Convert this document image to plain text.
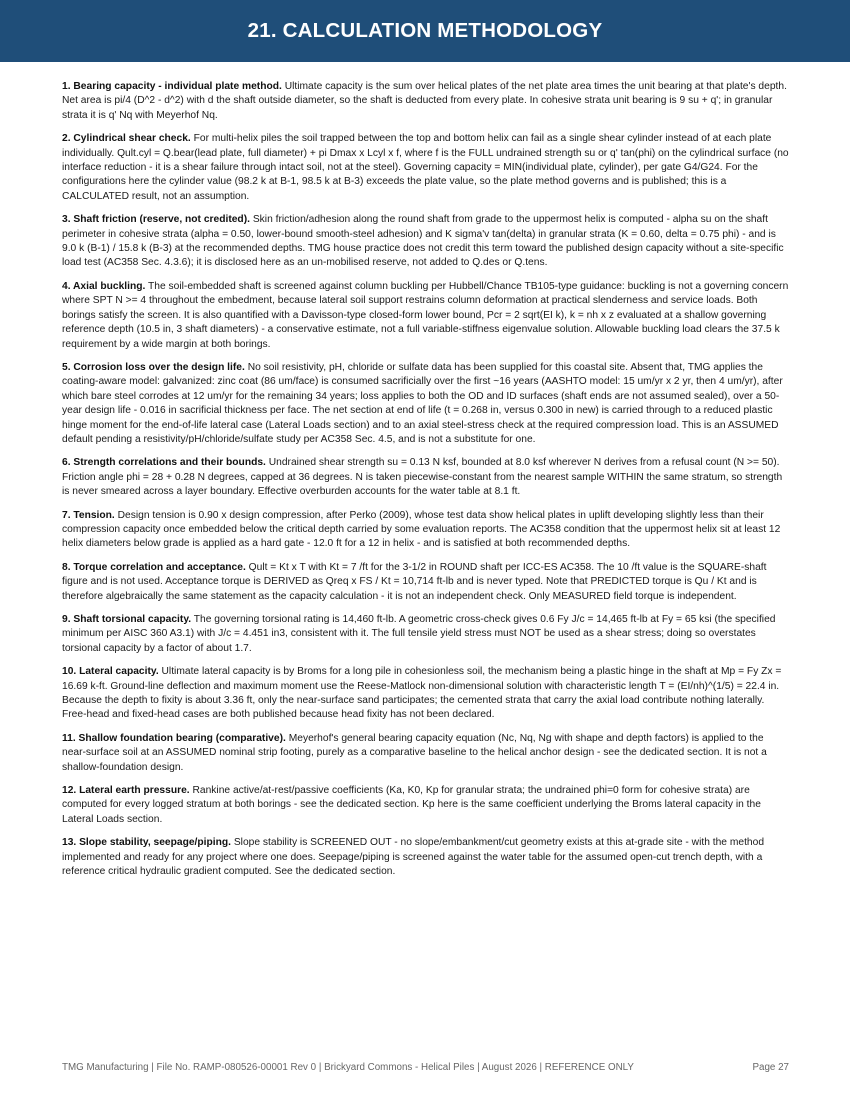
21. CALCULATION METHODOLOGY

1. Bearing capacity - individual plate method. Ultimate capacity is the sum over helical plates of the net plate area times the unit bearing at that plate's depth. Net area is pi/4 (D^2 - d^2) with d the shaft outside diameter, so the shaft is deducted from every plate. In cohesive strata unit bearing is 9 su + q'; in granular strata it is q' Nq with Meyerhof Nq.

2. Cylindrical shear check. For multi-helix piles the soil trapped between the top and bottom helix can fail as a single shear cylinder instead of at each plate individually. Qult.cyl = Q.bear(lead plate, full diameter) + pi Dmax x Lcyl x f, where f is the FULL undrained strength su or q' tan(phi) on the cylindrical surface (no interface reduction - it is a shear failure through intact soil, not at the steel). Governing capacity = MIN(individual plate, cylinder), per gate G4/G24. For the configurations here the cylinder value (98.2 k at B-1, 98.5 k at B-3) exceeds the plate value, so the plate method governs and is published; this is a CALCULATED result, not an assumption.

3. Shaft friction (reserve, not credited). Skin friction/adhesion along the round shaft from grade to the uppermost helix is computed - alpha su on the shaft perimeter in cohesive strata (alpha = 0.50, lower-bound smooth-steel adhesion) and K sigma'v tan(delta) in granular strata (K = 0.60, delta = 0.75 phi) - and is 9.0 k (B-1) / 15.8 k (B-3) at the recommended depths. TMG house practice does not credit this term toward the published design capacity without a site-specific load test (AC358 Sec. 4.3.6); it is disclosed here as an un-mobilised reserve, not added to Q.des or Q.tens.

4. Axial buckling. The soil-embedded shaft is screened against column buckling per Hubbell/Chance TB105-type guidance: buckling is not a governing concern where SPT N >= 4 throughout the embedment, because lateral soil support restrains column deformation at practical slenderness and service loads. Both borings satisfy the screen. It is also quantified with a Davisson-type closed-form lower bound, Pcr = 2 sqrt(EI k), k = nh x z evaluated at a shallow governing reference depth (10.5 in, 3 shaft diameters) - a conservative estimate, not a full variable-stiffness eigenvalue solution. Allowable buckling load clears the 37.5 k requirement by a wide margin at both borings.

5. Corrosion loss over the design life. No soil resistivity, pH, chloride or sulfate data has been supplied for this coastal site. Absent that, TMG applies the coating-aware model: galvanized: zinc coat (86 um/face) is consumed sacrificially over the first ~16 years (AASHTO model: 15 um/yr x 2 yr, then 4 um/yr), after which bare steel corrodes at 12 um/yr for the remaining 34 years; loss applies to both the OD and ID surfaces (shaft ends are not assumed sealed), over a 50-year design life - 0.016 in sacrificial thickness per face. The net section at end of life (t = 0.268 in, versus 0.300 in new) is carried through to a reduced plastic hinge moment for the end-of-life lateral case (Lateral Loads section) and to an axial steel-stress check at the required compression load. This is an ASSUMED default pending a resistivity/pH/chloride/sulfate study per AC358 Sec. 4.5, and is not a substitute for one.

6. Strength correlations and their bounds. Undrained shear strength su = 0.13 N ksf, bounded at 8.0 ksf wherever N derives from a refusal count (N >= 50). Friction angle phi = 28 + 0.28 N degrees, capped at 36 degrees. N is taken piecewise-constant from the nearest sample WITHIN the same stratum, so strength is never smeared across a layer boundary. Effective overburden accounts for the water table at 8.1 ft.

7. Tension. Design tension is 0.90 x design compression, after Perko (2009), whose test data show helical plates in uplift developing slightly less than their compression capacity once embedded below the critical depth carried by some evaluation reports. The AC358 condition that the uppermost helix sit at least 12 helix diameters below grade is applied as a hard gate - 12.0 ft for a 12 in helix - and is satisfied at both recommended depths.

8. Torque correlation and acceptance. Qult = Kt x T with Kt = 7 /ft for the 3-1/2 in ROUND shaft per ICC-ES AC358. The 10 /ft value is the SQUARE-shaft figure and is not used. Acceptance torque is DERIVED as Qreq x FS / Kt = 10,714 ft-lb and is never typed. Note that PREDICTED torque is Qu / Kt and is therefore algebraically the same statement as the capacity calculation - it is not an independent check. Only MEASURED field torque is independent.

9. Shaft torsional capacity. The governing torsional rating is 14,460 ft-lb. A geometric cross-check gives 0.6 Fy J/c = 14,465 ft-lb at Fy = 65 ksi (the specified minimum per AISC 360 A3.1) with J/c = 4.451 in3, consistent with it. The full tensile yield stress must NOT be used as a shear stress; doing so overstates torsional capacity by a factor of about 1.7.

10. Lateral capacity. Ultimate lateral capacity is by Broms for a long pile in cohesionless soil, the mechanism being a plastic hinge in the shaft at Mp = Fy Zx = 16.69 k-ft. Ground-line deflection and maximum moment use the Reese-Matlock non-dimensional solution with characteristic length T = (EI/nh)^(1/5) = 22.4 in. Because the depth to fixity is about 3.36 ft, only the near-surface sand participates; the cemented strata that carry the axial load contribute nothing laterally. Free-head and fixed-head cases are both published because head fixity has not been declared.

11. Shallow foundation bearing (comparative). Meyerhof's general bearing capacity equation (Nc, Nq, Ng with shape and depth factors) is applied to the near-surface soil at an ASSUMED nominal strip footing, purely as a comparative baseline to the helical anchor design - see the dedicated section. It is not a shallow-foundation design.

12. Lateral earth pressure. Rankine active/at-rest/passive coefficients (Ka, K0, Kp for granular strata; the undrained phi=0 form for cohesive strata) are computed for every logged stratum at both borings - see the dedicated section. Kp here is the same coefficient underlying the Broms lateral capacity in the Lateral Loads section.

13. Slope stability, seepage/piping. Slope stability is SCREENED OUT - no slope/embankment/cut geometry exists at this at-grade site - with the method implemented and ready for any project where one does. Seepage/piping is screened against the water table for the assumed open-cut trench depth, with a reference critical hydraulic gradient computed. See the dedicated section.

TMG Manufacturing | File No. RAMP-080526-00001 Rev 0 | Brickyard Commons - Helical Piles | August 2026 | REFERENCE ONLY	Page 27
